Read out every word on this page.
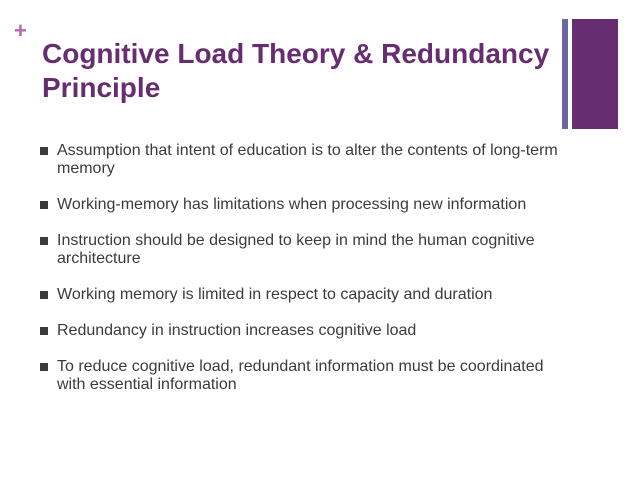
+
Cognitive Load Theory & Redundancy Principle
Assumption that intent of education is to alter the contents of long-term memory
Working-memory has limitations when processing new information
Instruction should be designed to keep in mind the human cognitive architecture
Working memory is limited in respect to capacity and duration
Redundancy in instruction increases cognitive load
To reduce cognitive load, redundant information must be coordinated with essential information
